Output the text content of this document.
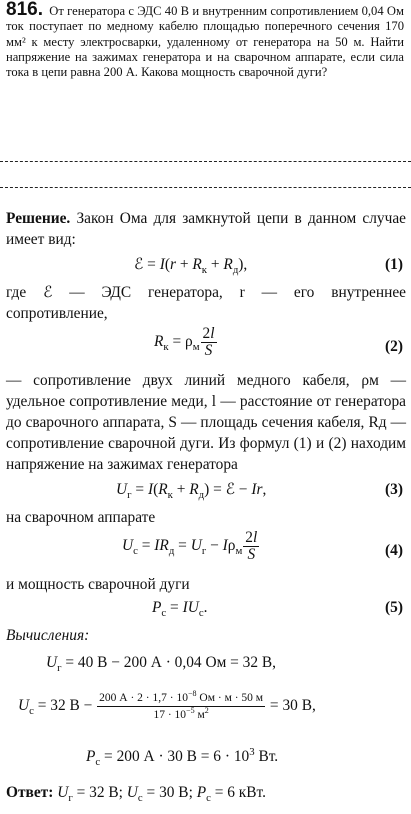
816. От генератора с ЭДС 40 В и внутренним сопротивлением 0,04 Ом ток поступает по медному кабелю площадью поперечного сечения 170 мм² к месту электросварки, удаленному от генератора на 50 м. Найти напряжение на зажимах генератора и на сварочном аппарате, если сила тока в цепи равна 200 А. Какова мощность сварочной дуги?

Решение. Закон Ома для замкнутой цепи в данном случае имеет вид:

ℰ = $I(r + R_к + R_д)$,	(1)

где ℰ — ЭДС генератора, r — его внутреннее сопротивление,

$R_к = \rho_м \frac{2l}{S}$	(2)

— сопротивление двух линий медного кабеля, ρм — удельное сопротивление меди, l — расстояние от генератора до сварочного аппарата, S — площадь сечения кабеля, Rд — сопротивление сварочной дуги. Из формул (1) и (2) находим напряжение на зажимах генератора

$U_г = I(R_к + R_д)$ = ℰ − Ir,	(3)

на сварочном аппарате

$U_с = IR_д = U_г - I\rho_м \frac{2l}{S}$	(4)

и мощность сварочной дуги

$P_с = IU_с$.	(5)

Вычисления:

$U_г = 40$ В − 200 А · 0,04 Ом = 32 В,
$U_с = 32$ $В - \frac{200 А \cdot 2 \cdot 1,7 \cdot 10^{-8} Ом \cdot м \cdot 50 м}{17 \cdot 10^{-5} м^2} = 30$ В,
$P_с = 200$ А · 30 $В = 6 \cdot 10^3$ Вт.
Ответ: $U_г = 32$ В; $U_с = 30$ В; $P_с = 6$ кВт.
